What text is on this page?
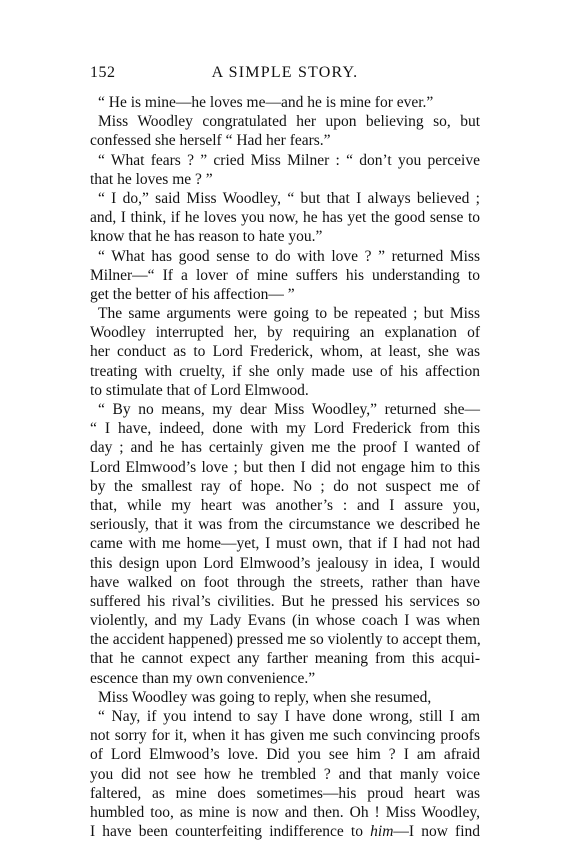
152	A SIMPLE STORY.
“ He is mine—he loves me—and he is mine for ever.”
Miss Woodley congratulated her upon believing so, but
confessed she herself “ Had her fears.”
“ What fears ? ” cried Miss Milner : “ don’t you perceive
that he loves me ? ”
“ I do,” said Miss Woodley, “ but that I always believed ;
and, I think, if he loves you now, he has yet the good sense to
know that he has reason to hate you.”
“ What has good sense to do with love ? ” returned Miss
Milner—“ If a lover of mine suffers his understanding to
get the better of his affection— ”
The same arguments were going to be repeated ; but Miss
Woodley interrupted her, by requiring an explanation of
her conduct as to Lord Frederick, whom, at least, she was
treating with cruelty, if she only made use of his affection
to stimulate that of Lord Elmwood.
“ By no means, my dear Miss Woodley,” returned she—
“ I have, indeed, done with my Lord Frederick from this
day ; and he has certainly given me the proof I wanted of
Lord Elmwood’s love ; but then I did not engage him to this
by the smallest ray of hope. No ; do not suspect me of
that, while my heart was another’s : and I assure you,
seriously, that it was from the circumstance we described he
came with me home—yet, I must own, that if I had not had
this design upon Lord Elmwood’s jealousy in idea, I would
have walked on foot through the streets, rather than have
suffered his rival’s civilities. But he pressed his services so
violently, and my Lady Evans (in whose coach I was when
the accident happened) pressed me so violently to accept them,
that he cannot expect any farther meaning from this acqui-
escence than my own convenience.”
Miss Woodley was going to reply, when she resumed,
“ Nay, if you intend to say I have done wrong, still I am
not sorry for it, when it has given me such convincing proofs
of Lord Elmwood’s love. Did you see him ? I am afraid
you did not see how he trembled ? and that manly voice
faltered, as mine does sometimes—his proud heart was
humbled too, as mine is now and then. Oh ! Miss Woodley,
I have been counterfeiting indifference to him—I now find
